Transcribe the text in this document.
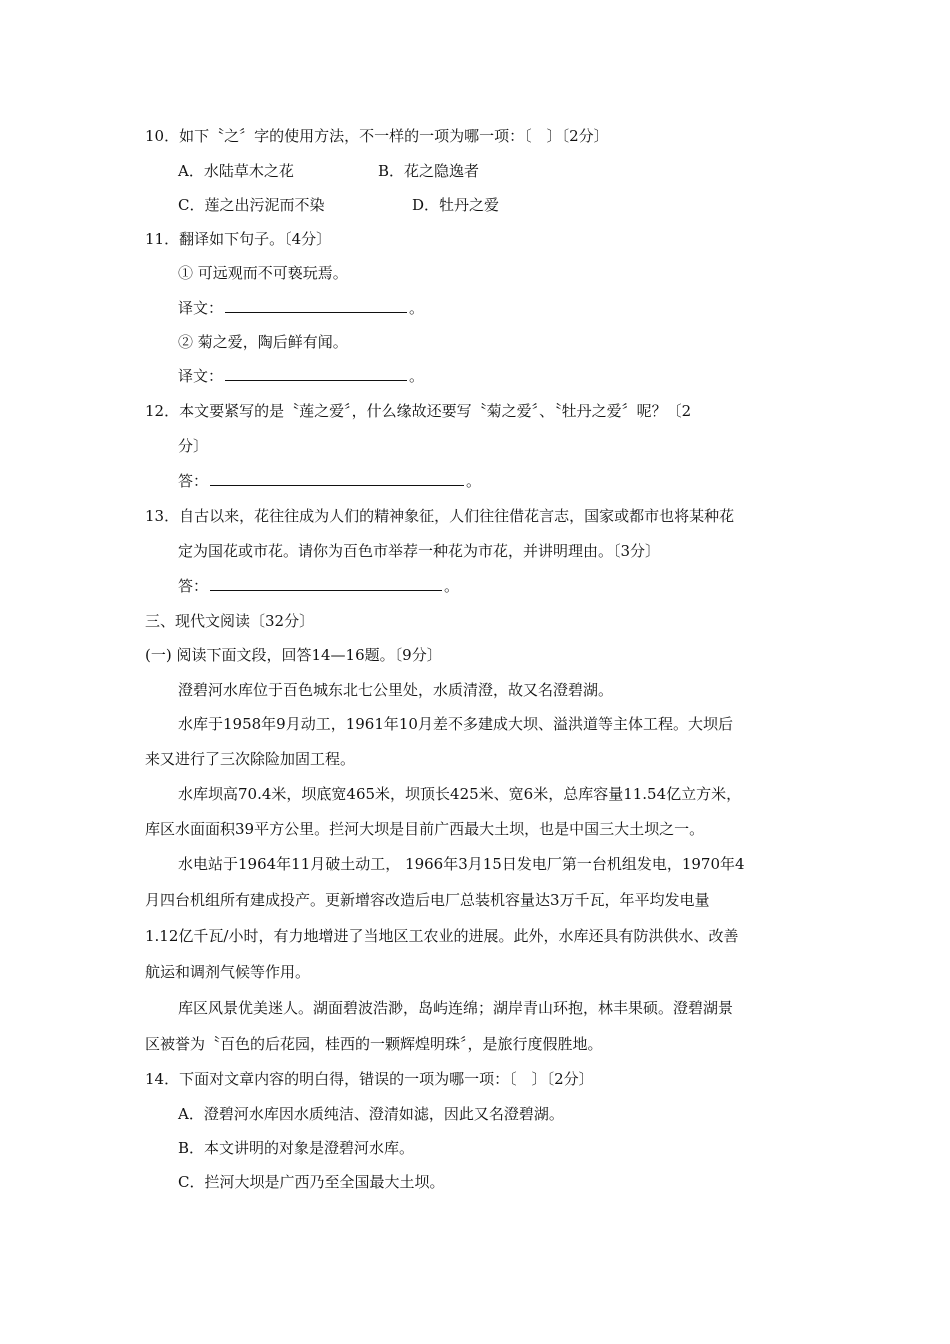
10．如下〝之〞字的使用方法，不一样的一项为哪一项：〔　〕〔2分〕
A．水陆草木之花	B．花之隐逸者
C．莲之出污泥而不染	D．牡丹之爱
11．翻译如下句子。〔4分〕
① 可远观而不可亵玩焉。
译文：	。
② 菊之爱，陶后鲜有闻。
译文：	。
12．本文要紧写的是〝莲之爱〞，什么缘故还要写〝菊之爱〞、〝牡丹之爱〞呢？〔2
分〕
答：	。
13．自古以来，花往往成为人们的精神象征，人们往往借花言志，国家或都市也将某种花
定为国花或市花。请你为百色市举荐一种花为市花，并讲明理由。〔3分〕
答：	。
三、现代文阅读〔32分〕
(一) 阅读下面文段，回答14—16题。〔9分〕
澄碧河水库位于百色城东北七公里处，水质清澄，故又名澄碧湖。
水库于1958年9月动工，1961年10月差不多建成大坝、溢洪道等主体工程。大坝后
来又进行了三次除险加固工程。
水库坝高70.4米，坝底宽465米，坝顶长425米、宽6米，总库容量11.54亿立方米，
库区水面面积39平方公里。拦河大坝是目前广西最大土坝，也是中国三大土坝之一。
水电站于1964年11月破土动工， 1966年3月15日发电厂第一台机组发电，1970年4
月四台机组所有建成投产。更新增容改造后电厂总装机容量达3万千瓦，年平均发电量
1.12亿千瓦/小时，有力地增进了当地区工农业的进展。此外，水库还具有防洪供水、改善
航运和调剂气候等作用。
库区风景优美迷人。湖面碧波浩渺，岛屿连绵；湖岸青山环抱，林丰果硕。澄碧湖景
区被誉为〝百色的后花园，桂西的一颗辉煌明珠〞，是旅行度假胜地。
14．下面对文章内容的明白得，错误的一项为哪一项：〔　〕〔2分〕
A．澄碧河水库因水质纯洁、澄清如滤，因此又名澄碧湖。
B．本文讲明的对象是澄碧河水库。
C．拦河大坝是广西乃至全国最大土坝。
